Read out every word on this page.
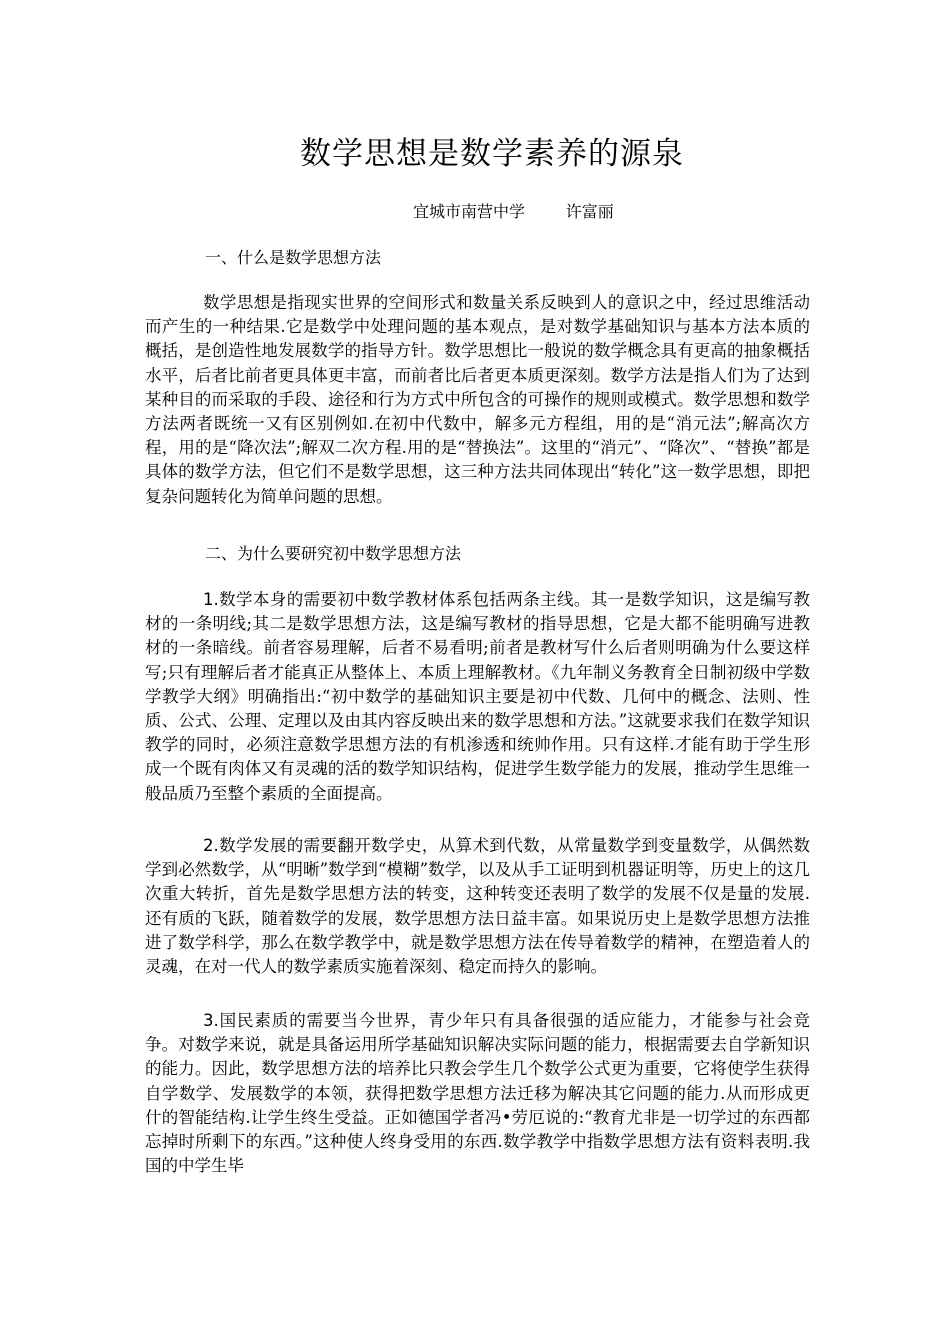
数学思想是数学素养的源泉
宜城市南营中学        许富丽
一、什么是数学思想方法

数学思想是指现实世界的空间形式和数量关系反映到人的意识之中，经过思维活动而产生的一种结果.它是数学中处理问题的基本观点，是对数学基础知识与基本方法本质的概括，是创造性地发展数学的指导方针。数学思想比一般说的数学概念具有更高的抽象概括水平，后者比前者更具体更丰富，而前者比后者更本质更深刻。数学方法是指人们为了达到某种目的而采取的手段、途径和行为方式中所包含的可操作的规则或模式。数学思想和数学方法两者既统一又有区别例如.在初中代数中，解多元方程组，用的是“消元法”;解高次方程，用的是“降次法”;解双二次方程.用的是“替换法”。这里的“消元”、“降次”、“替换”都是具体的数学方法，但它们不是数学思想，这三种方法共同体现出“转化”这一数学思想，即把复杂问题转化为简单问题的思想。

二、为什么要研究初中数学思想方法

1.数学本身的需要初中数学教材体系包括两条主线。其一是数学知识，这是编写教材的一条明线;其二是数学思想方法，这是编写教材的指导思想，它是大都不能明确写进教材的一条暗线。前者容易理解，后者不易看明;前者是教材写什么后者则明确为什么要这样写;只有理解后者才能真正从整体上、本质上理解教材。《九年制义务教育全日制初级中学数学教学大纲》明确指出:“初中数学的基础知识主要是初中代数、几何中的概念、法则、性质、公式、公理、定理以及由其内容反映出来的数学思想和方法。”这就要求我们在数学知识教学的同时，必须注意数学思想方法的有机渗透和统帅作用。只有这样.才能有助于学生形成一个既有肉体又有灵魂的活的数学知识结构，促进学生数学能力的发展，推动学生思维一般品质乃至整个素质的全面提高。

2.数学发展的需要翻开数学史，从算术到代数，从常量数学到变量数学，从偶然数学到必然数学，从“明晰”数学到“模糊”数学，以及从手工证明到机器证明等，历史上的这几次重大转折，首先是数学思想方法的转变，这种转变还表明了数学的发展不仅是量的发展.还有质的飞跃，随着数学的发展，数学思想方法日益丰富。如果说历史上是数学思想方法推进了数学科学，那么在数学教学中，就是数学思想方法在传导着数学的精神，在塑造着人的灵魂，在对一代人的数学素质实施着深刻、稳定而持久的影响。

3.国民素质的需要当今世界，青少年只有具备很强的适应能力，才能参与社会竞争。对数学来说，就是具备运用所学基础知识解决实际问题的能力，根据需要去自学新知识的能力。因此，数学思想方法的培养比只教会学生几个数学公式更为重要，它将使学生获得自学数学、发展数学的本领，获得把数学思想方法迁移为解决其它问题的能力.从而形成更什的智能结构.让学生终生受益。正如德国学者冯•劳厄说的:“教育尤非是一切学过的东西都忘掉时所剩下的东西。”这种使人终身受用的东西.数学教学中指数学思想方法有资料表明.我国的中学生毕
